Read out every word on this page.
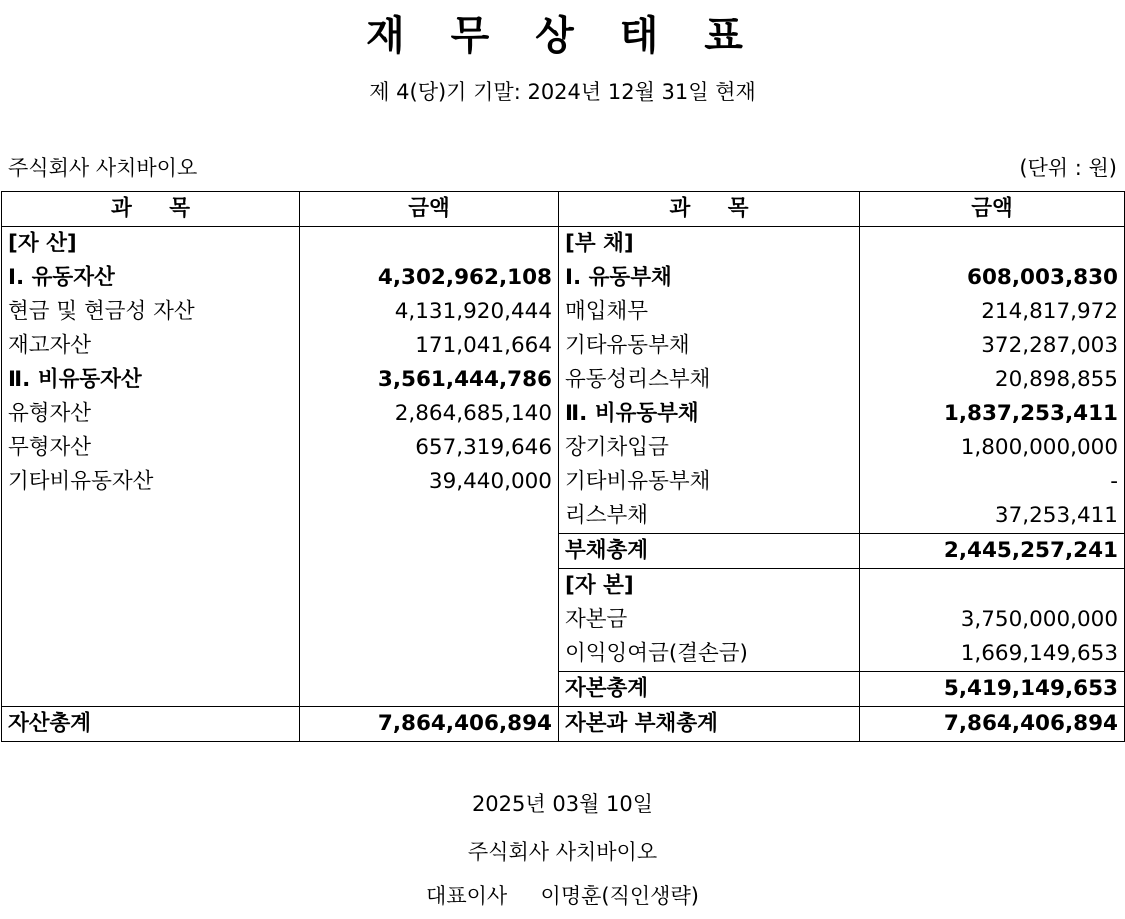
재 무 상 태 표
제 4(당)기 기말: 2024년 12월 31일 현재
주식회사 사치바이오	(단위 : 원)
과     목	금액	과     목	금액
[자 산]		[부 채]	
Ⅰ. 유동자산	4,302,962,108	Ⅰ. 유동부채	608,003,830
현금 및 현금성 자산	4,131,920,444	매입채무	214,817,972
재고자산	171,041,664	기타유동부채	372,287,003
Ⅱ. 비유동자산	3,561,444,786	유동성리스부채	20,898,855
유형자산	2,864,685,140	Ⅱ. 비유동부채	1,837,253,411
무형자산	657,319,646	장기차입금	1,800,000,000
기타비유동자산	39,440,000	기타비유동부채	-
		리스부채	37,253,411
		부채총계	2,445,257,241
		[자 본]	
		자본금	3,750,000,000
		이익잉여금(결손금)	1,669,149,653
		자본총계	5,419,149,653
자산총계	7,864,406,894	자본과 부채총계	7,864,406,894
2025년 03월 10일
주식회사 사치바이오
대표이사     이명훈(직인생략)
